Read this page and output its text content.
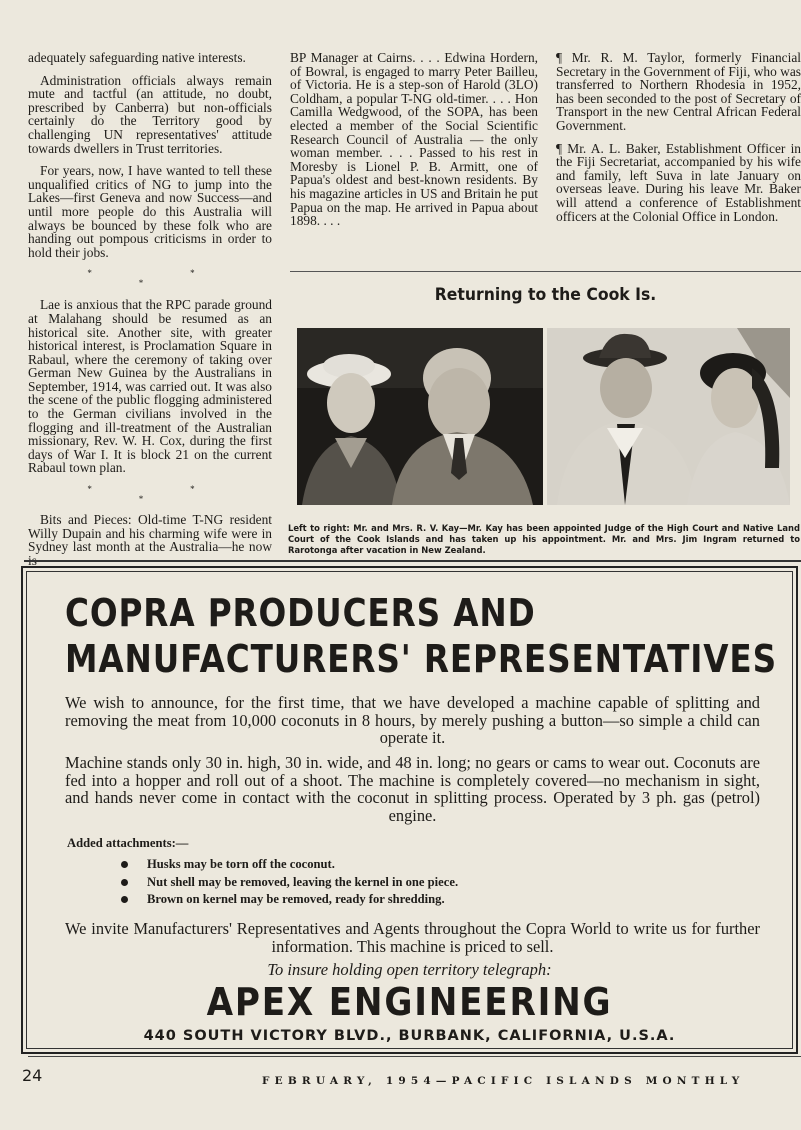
adequately safeguarding native interests.

Administration officials always remain mute and tactful (an attitude, no doubt, prescribed by Canberra) but non-officials certainly do the Territory good by challenging UN representatives' attitude towards dwellers in Trust territories.

For years, now, I have wanted to tell these unqualified critics of NG to jump into the Lakes—first Geneva and now Success—and until more people do this Australia will always be bounced by these folk who are handing out pompous criticisms in order to hold their jobs.

* * *

Lae is anxious that the RPC parade ground at Malahang should be resumed as an historical site. Another site, with greater historical interest, is Proclamation Square in Rabaul, where the ceremony of taking over German New Guinea by the Australians in September, 1914, was carried out. It was also the scene of the public flogging administered to the German civilians involved in the flogging and ill-treatment of the Australian missionary, Rev. W. H. Cox, during the first days of War I. It is block 21 on the current Rabaul town plan.

* * *

Bits and Pieces: Old-time T-NG resident Willy Dupain and his charming wife were in Sydney last month at the Australia—he now

BP Manager at Cairns. . . . Edwina Hordern, of Bowral, is engaged to marry Peter Bailleu, of Victoria. He is a step-son of Harold (3LO) Coldham, a popular T-NG old-timer. . . . Hon Camilla Wedgwood, of the SOPA, has been elected a member of the Social Scientific Research Council of Australia — the only woman member. . . . Passed to his rest in Moresby is Lionel P. B. Armitt, one of Papua's oldest and best-known residents. By his magazine articles in US and Britain he put Papua on the map. He arrived in Papua about 1898. . . .

¶ Mr. R. M. Taylor, formerly Financial Secretary in the Government of Fiji, who was transferred to Northern Rhodesia in 1952, has been seconded to the post of Secretary of Transport in the new Central African Federal Government.

¶ Mr. A. L. Baker, Establishment Officer in the Fiji Secretariat, accompanied by his wife and family, left Suva in late January on overseas leave. During his leave Mr. Baker will attend a conference of Establishment officers at the Colonial Office in London.

Returning to the Cook Is.
Left to right: Mr. and Mrs. R. V. Kay—Mr. Kay has been appointed Judge of the High Court and Native Land Court of the Cook Islands and has taken up his appointment. Mr. and Mrs. Jim Ingram returned to Rarotonga after vacation in New Zealand.
COPRA PRODUCERS AND
MANUFACTURERS' REPRESENTATIVES
We wish to announce, for the first time, that we have developed a machine capable of splitting and removing the meat from 10,000 coconuts in 8 hours, by merely pushing a button—so simple a child can operate it.
Machine stands only 30 in. high, 30 in. wide, and 48 in. long; no gears or cams to wear out. Coconuts are fed into a hopper and roll out of a shoot. The machine is completely covered—no mechanism in sight, and hands never come in contact with the coconut in splitting process. Operated by 3 ph. gas (petrol) engine.
Added attachments:—
Husks may be torn off the coconut.
Nut shell may be removed, leaving the kernel in one piece.
Brown on kernel may be removed, ready for shredding.
We invite Manufacturers' Representatives and Agents throughout the Copra World to write us for further information. This machine is priced to sell.
To insure holding open territory telegraph:
APEX ENGINEERING
440 SOUTH VICTORY BLVD., BURBANK, CALIFORNIA, U.S.A.
24	FEBRUARY, 1954—PACIFIC ISLANDS MONTHLY
